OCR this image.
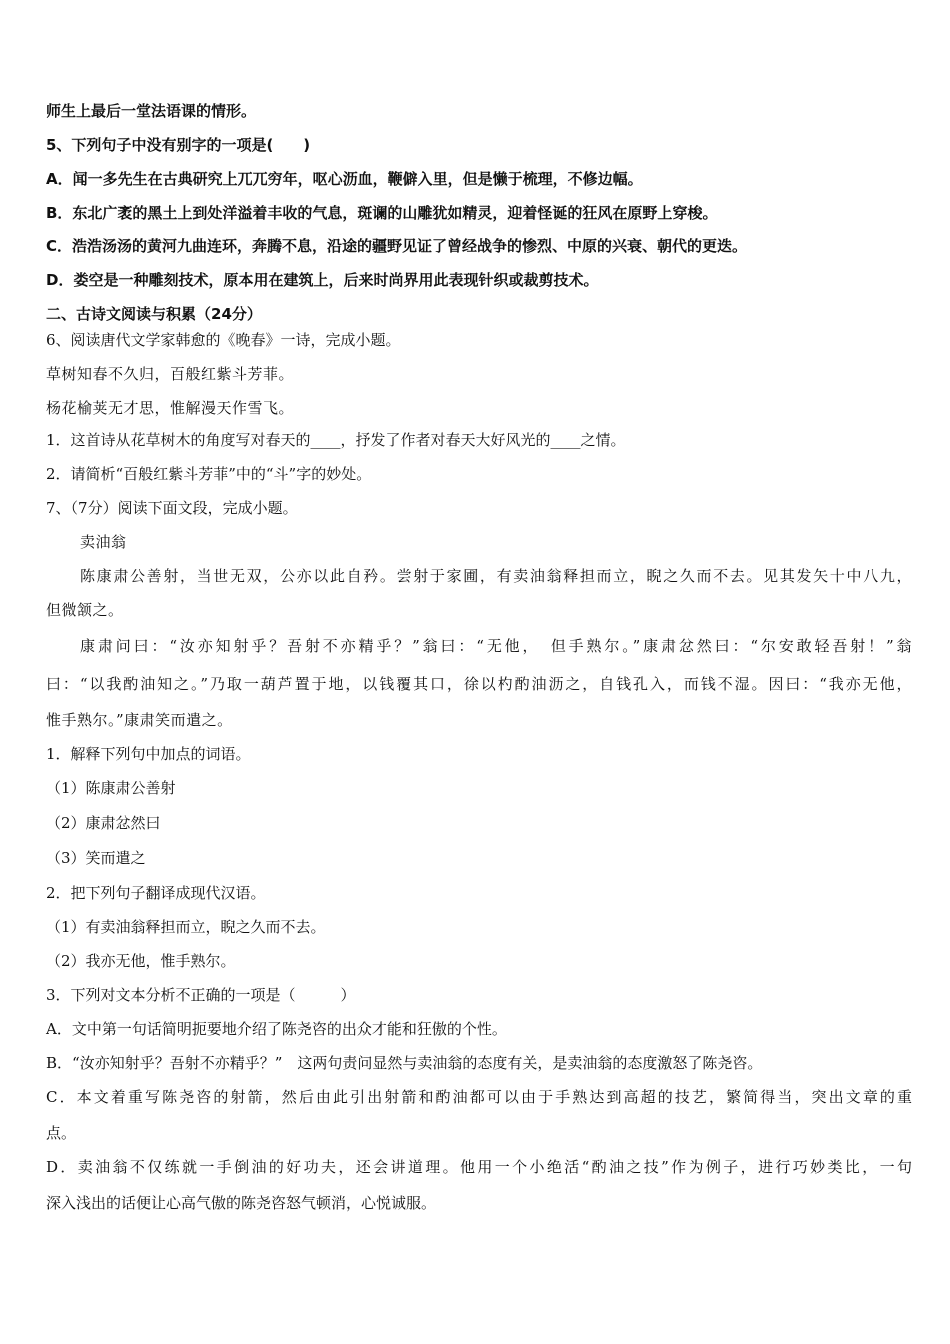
师生上最后一堂法语课的情形。
5、下列句子中没有别字的一项是(　　)
A．闻一多先生在古典研究上兀兀穷年，呕心沥血，鞭僻入里，但是懒于梳理，不修边幅。
B．东北广袤的黑土上到处洋溢着丰收的气息，斑谰的山雕犹如精灵，迎着怪诞的狂风在原野上穿梭。
C．浩浩汤汤的黄河九曲连环，奔腾不息，沿途的疆野见证了曾经战争的惨烈、中原的兴衰、朝代的更迭。
D．娄空是一种雕刻技术，原本用在建筑上，后来时尚界用此表现针织或裁剪技术。
二、古诗文阅读与积累（24分）
6、阅读唐代文学家韩愈的《晚春》一诗，完成小题。
草树知春不久归，百般红紫斗芳菲。
杨花榆荚无才思，惟解漫天作雪飞。
1．这首诗从花草树木的角度写对春天的____，抒发了作者对春天大好风光的____之情。
2．请简析“百般红紫斗芳菲”中的“斗”字的妙处。
7、（7分）阅读下面文段，完成小题。
卖油翁
陈康肃公善射，当世无双，公亦以此自矜。尝射于家圃，有卖油翁释担而立，睨之久而不去。见其发矢十中八九，
但微颔之。
康肃问曰：“汝亦知射乎？吾射不亦精乎？”翁曰：“无他，　但手熟尔。”康肃忿然曰：“尔安敢轻吾射！”翁
曰：“以我酌油知之。”乃取一葫芦置于地，以钱覆其口，徐以杓酌油沥之，自钱孔入，而钱不湿。因曰：“我亦无他，
惟手熟尔。”康肃笑而遣之。
1．解释下列句中加点的词语。
（1）陈康肃公善射
（2）康肃忿然曰
（3）笑而遣之
2．把下列句子翻译成现代汉语。
（1）有卖油翁释担而立，睨之久而不去。
（2）我亦无他，惟手熟尔。
3．下列对文本分析不正确的一项是（　　　）
A．文中第一句话简明扼要地介绍了陈尧咨的出众才能和狂傲的个性。
B．“汝亦知射乎？吾射不亦精乎？”　这两句责问显然与卖油翁的态度有关，是卖油翁的态度激怒了陈尧咨。
C．本文着重写陈尧咨的射箭，然后由此引出射箭和酌油都可以由于手熟达到高超的技艺，繁简得当，突出文章的重
点。
D．卖油翁不仅练就一手倒油的好功夫，还会讲道理。他用一个小绝活“酌油之技”作为例子，进行巧妙类比，一句
深入浅出的话便让心高气傲的陈尧咨怒气顿消，心悦诚服。
